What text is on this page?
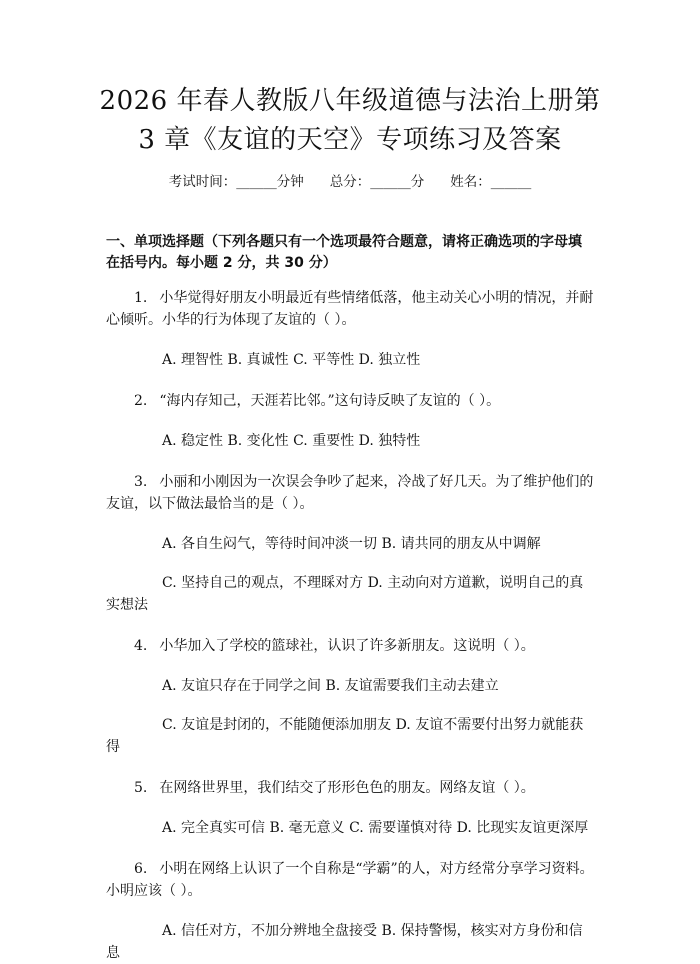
2026 年春人教版八年级道德与法治上册第 3 章《友谊的天空》专项练习及答案
考试时间：______分钟 总分：______分 姓名：______
一、单项选择题（下列各题只有一个选项最符合题意，请将正确选项的字母填在括号内。每小题 2 分，共 30 分）
1. 小华觉得好朋友小明最近有些情绪低落，他主动关心小明的情况，并耐心倾听。小华的行为体现了友谊的（ ）。
A. 理智性 B. 真诚性 C. 平等性 D. 独立性
2. “海内存知己，天涯若比邻。”这句诗反映了友谊的（ ）。
A. 稳定性 B. 变化性 C. 重要性 D. 独特性
3. 小丽和小刚因为一次误会争吵了起来，冷战了好几天。为了维护他们的友谊，以下做法最恰当的是（ ）。
A. 各自生闷气，等待时间冲淡一切 B. 请共同的朋友从中调解
C. 坚持自己的观点，不理睬对方 D. 主动向对方道歉，说明自己的真实想法
4. 小华加入了学校的篮球社，认识了许多新朋友。这说明（ ）。
A. 友谊只存在于同学之间 B. 友谊需要我们主动去建立
C. 友谊是封闭的，不能随便添加朋友 D. 友谊不需要付出努力就能获得
5. 在网络世界里，我们结交了形形色色的朋友。网络友谊（ ）。
A. 完全真实可信 B. 毫无意义 C. 需要谨慎对待 D. 比现实友谊更深厚
6. 小明在网络上认识了一个自称是“学霸”的人，对方经常分享学习资料。小明应该（ ）。
A. 信任对方，不加分辨地全盘接受 B. 保持警惕，核实对方身份和信息
